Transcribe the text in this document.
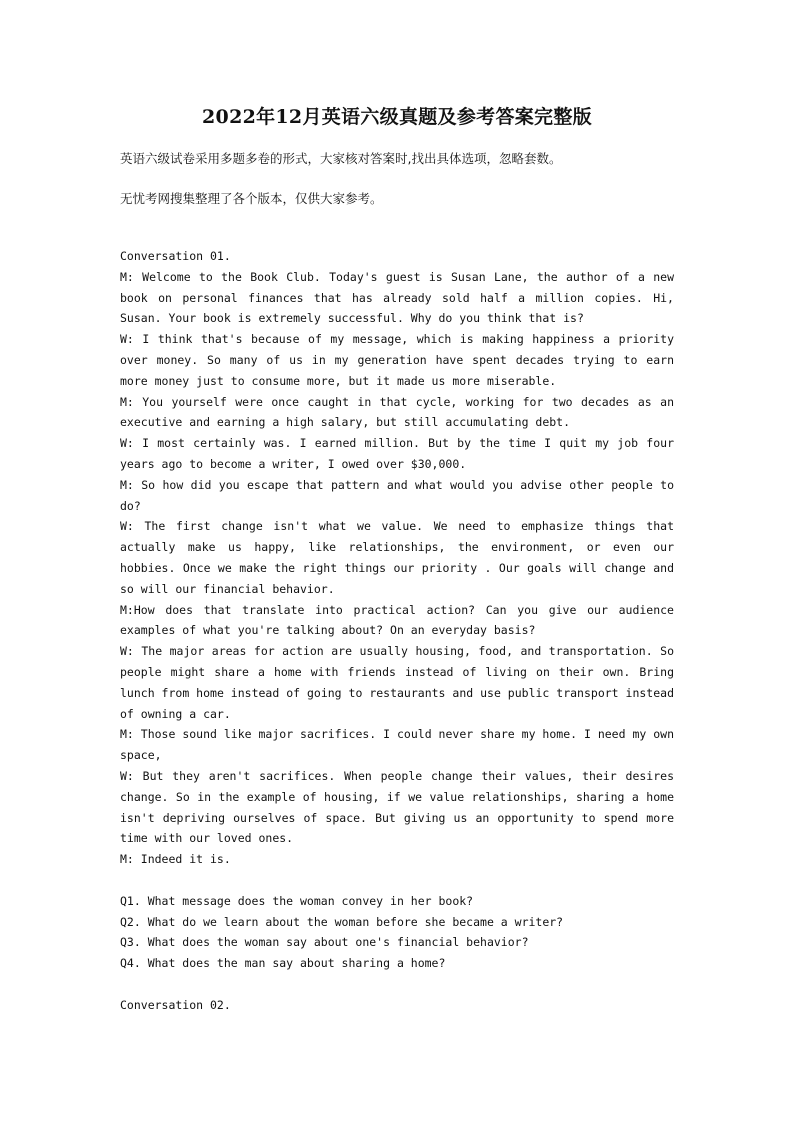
2022年12月英语六级真题及参考答案完整版
英语六级试卷采用多题多卷的形式，大家核对答案时,找出具体选项，忽略套数。
无忧考网搜集整理了各个版本，仅供大家参考。

Conversation 01.

M: Welcome to the Book Club. Today's guest is Susan Lane, the author of a new book on personal finances that has already sold half a million copies. Hi, Susan. Your book is extremely successful. Why do you think that is?

W: I think that's because of my message, which is making happiness a priority over money. So many of us in my generation have spent decades trying to earn more money just to consume more, but it made us more miserable.

M: You yourself were once caught in that cycle, working for two decades as an executive and earning a high salary, but still accumulating debt.

W: I most certainly was. I earned million. But by the time I quit my job four years ago to become a writer, I owed over $30,000.

M: So how did you escape that pattern and what would you advise other people to do?

W: The first change isn't what we value. We need to emphasize things that actually make us happy, like relationships, the environment, or even our hobbies. Once we make the right things our priority . Our goals will change and so will our financial behavior.

M:How does that translate into practical action? Can you give our audience examples of what you're talking about? On an everyday basis?

W: The major areas for action are usually housing, food, and transportation. So people might share a home with friends instead of living on their own. Bring lunch from home instead of going to restaurants and use public transport instead of owning a car.

M: Those sound like major sacrifices. I could never share my home. I need my own space,

W: But they aren't sacrifices. When people change their values, their desires change. So in the example of housing, if we value relationships, sharing a home isn't depriving ourselves of space. But giving us an opportunity to spend more time with our loved ones.

M: Indeed it is.

Q1. What message does the woman convey in her book?

Q2. What do we learn about the woman before she became a writer?

Q3. What does the woman say about one's financial behavior?

Q4. What does the man say about sharing a home?

Conversation 02.
